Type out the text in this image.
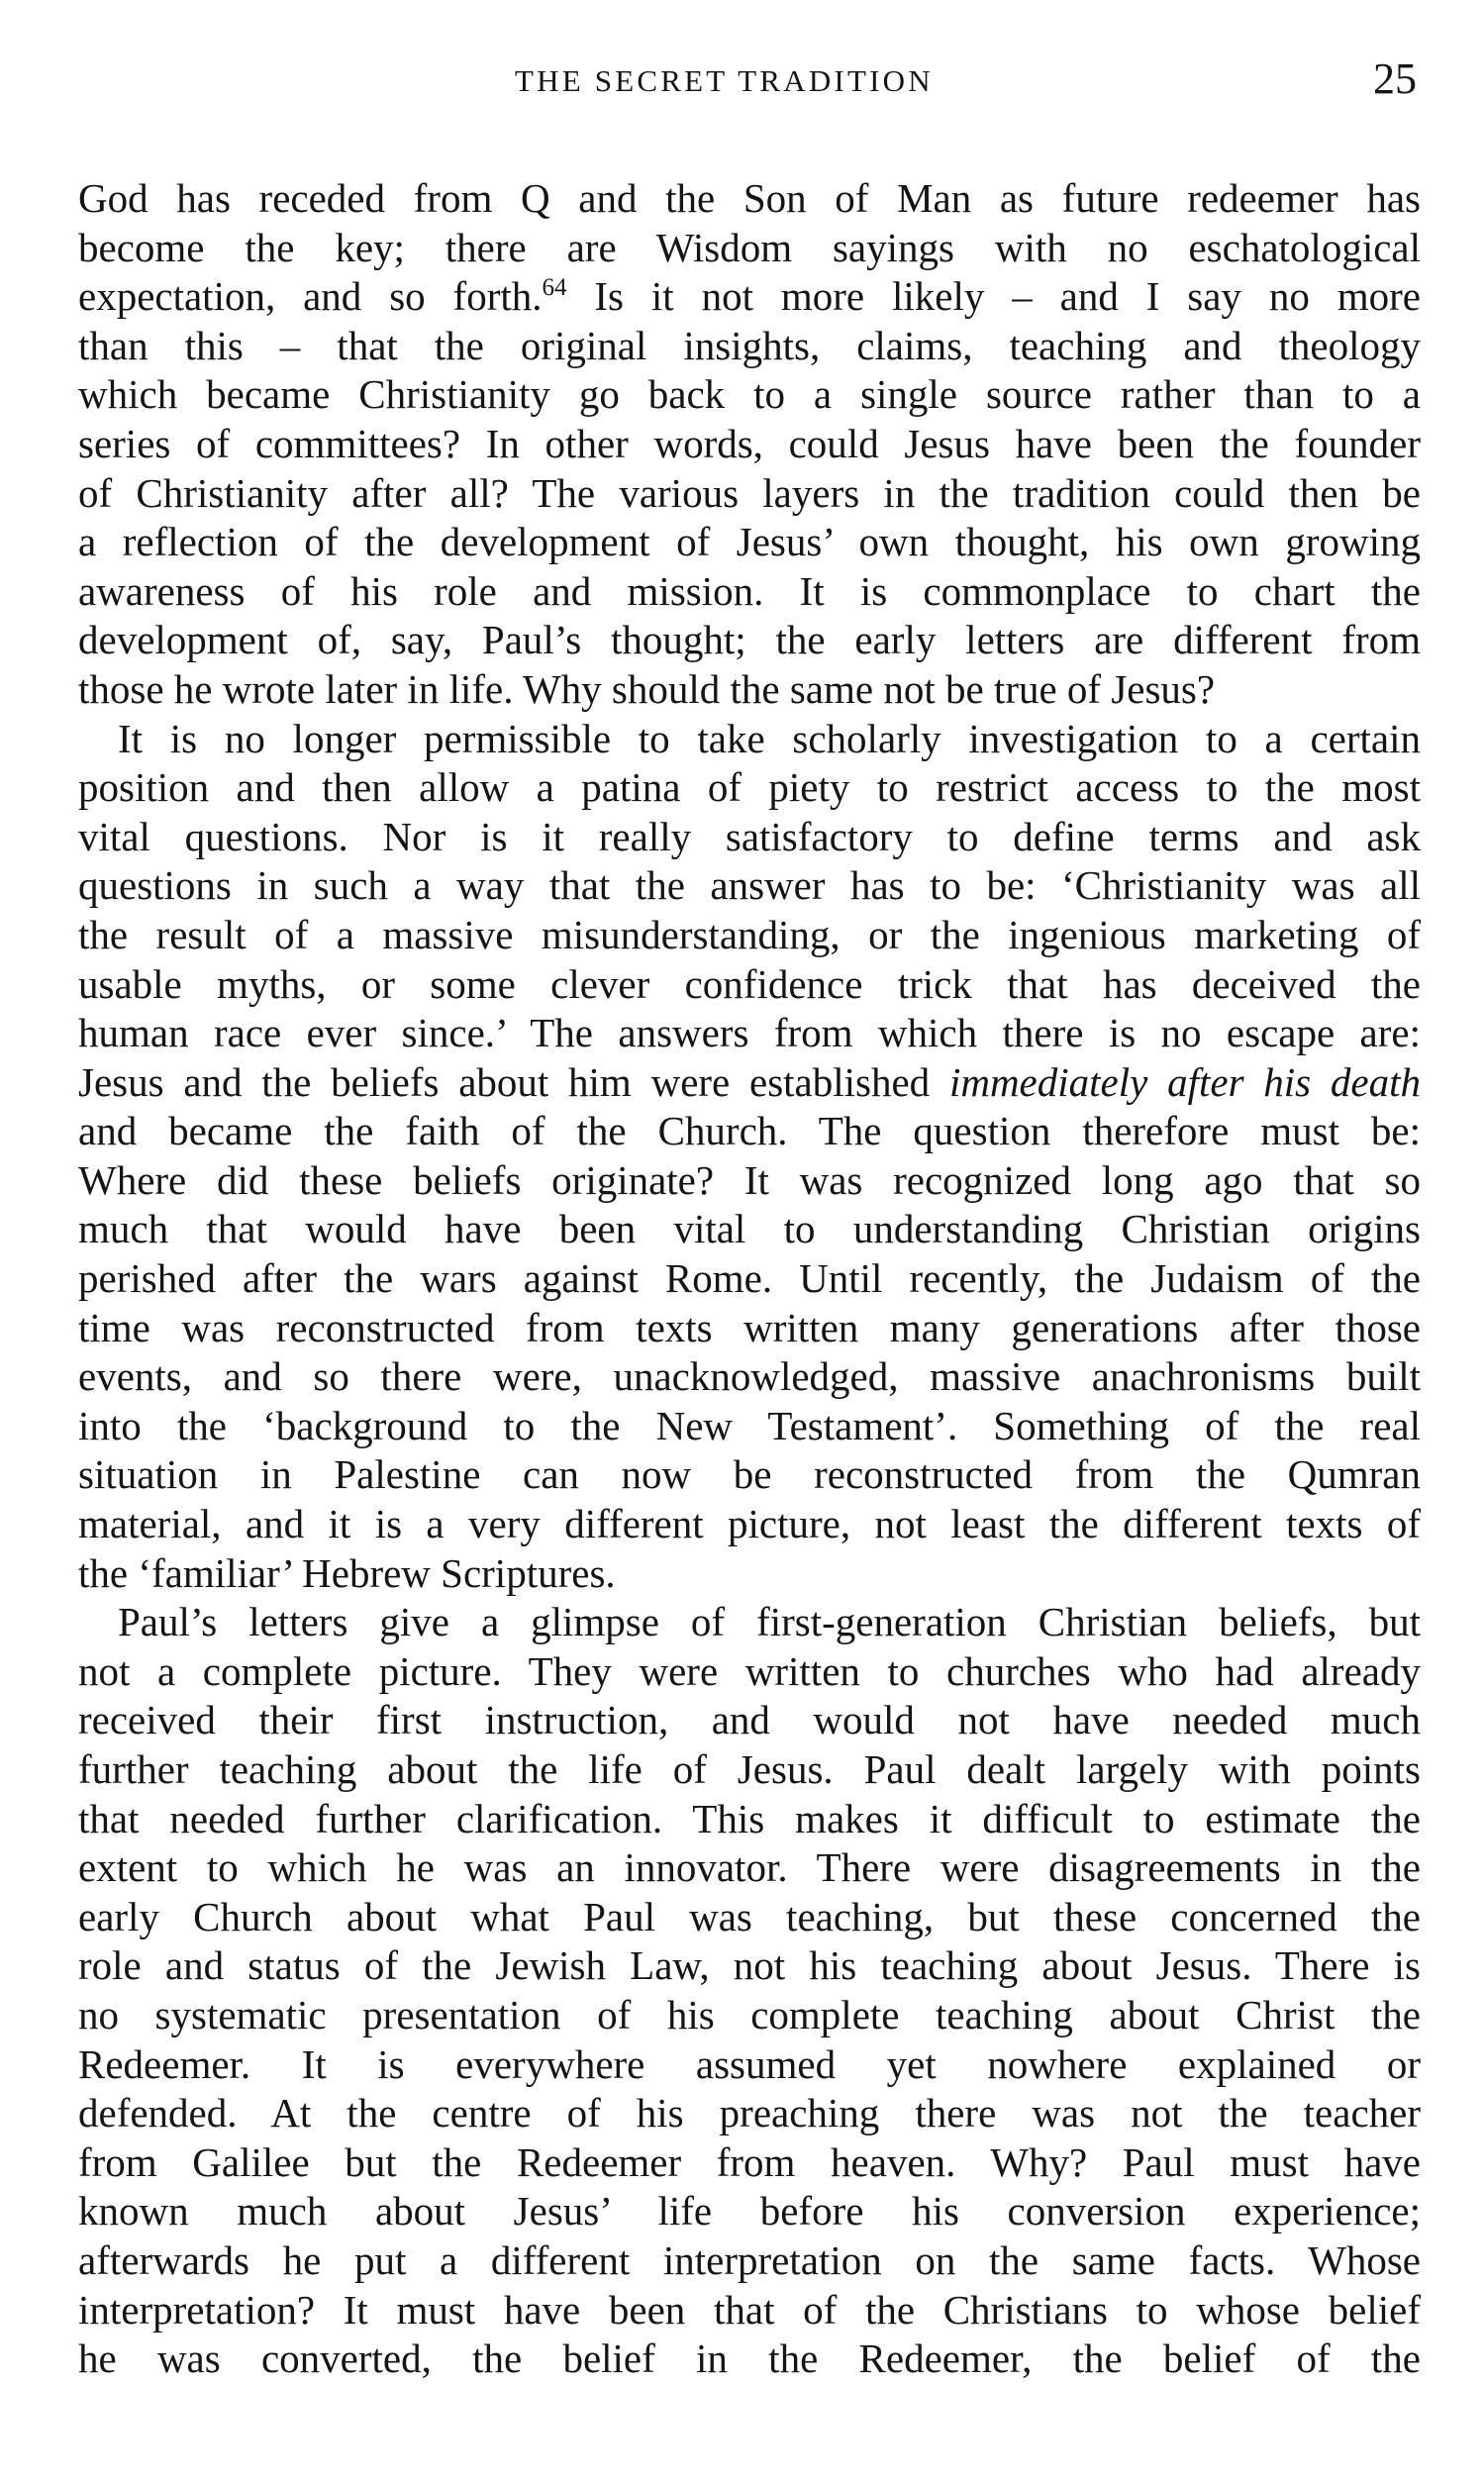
THE SECRET TRADITION	25
God has receded from Q and the Son of Man as future redeemer has
become the key; there are Wisdom sayings with no eschatological
expectation, and so forth.$^{64}$ Is it not more likely – and I say no more
than this – that the original insights, claims, teaching and theology
which became Christianity go back to a single source rather than to a
series of committees? In other words, could Jesus have been the founder
of Christianity after all? The various layers in the tradition could then be
a reflection of the development of Jesus’ own thought, his own growing
awareness of his role and mission. It is commonplace to chart the
development of, say, Paul’s thought; the early letters are different from
those he wrote later in life. Why should the same not be true of Jesus?
It is no longer permissible to take scholarly investigation to a certain
position and then allow a patina of piety to restrict access to the most
vital questions. Nor is it really satisfactory to define terms and ask
questions in such a way that the answer has to be: ‘Christianity was all
the result of a massive misunderstanding, or the ingenious marketing of
usable myths, or some clever confidence trick that has deceived the
human race ever since.’ The answers from which there is no escape are:
Jesus and the beliefs about him were established immediately after his death
and became the faith of the Church. The question therefore must be:
Where did these beliefs originate? It was recognized long ago that so
much that would have been vital to understanding Christian origins
perished after the wars against Rome. Until recently, the Judaism of the
time was reconstructed from texts written many generations after those
events, and so there were, unacknowledged, massive anachronisms built
into the ‘background to the New Testament’. Something of the real
situation in Palestine can now be reconstructed from the Qumran
material, and it is a very different picture, not least the different texts of
the ‘familiar’ Hebrew Scriptures.
Paul’s letters give a glimpse of first-generation Christian beliefs, but
not a complete picture. They were written to churches who had already
received their first instruction, and would not have needed much
further teaching about the life of Jesus. Paul dealt largely with points
that needed further clarification. This makes it difficult to estimate the
extent to which he was an innovator. There were disagreements in the
early Church about what Paul was teaching, but these concerned the
role and status of the Jewish Law, not his teaching about Jesus. There is
no systematic presentation of his complete teaching about Christ the
Redeemer. It is everywhere assumed yet nowhere explained or
defended. At the centre of his preaching there was not the teacher
from Galilee but the Redeemer from heaven. Why? Paul must have
known much about Jesus’ life before his conversion experience;
afterwards he put a different interpretation on the same facts. Whose
interpretation? It must have been that of the Christians to whose belief
he was converted, the belief in the Redeemer, the belief of the
